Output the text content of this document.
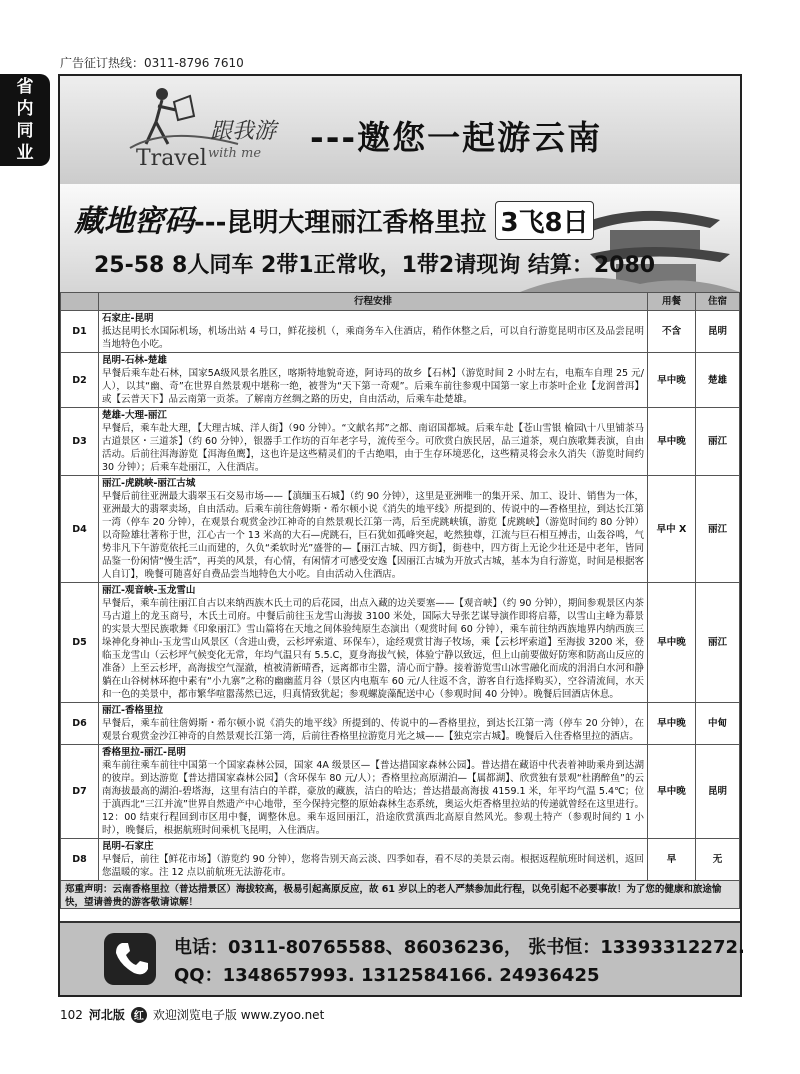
广告征订热线：0311-8796 7610
省
内
同
业
跟我游
Travel with me ---邀您一起游云南
藏地密码---昆明大理丽江香格里拉 3飞8日
25-58 8人同车 2带1正常收，1带2请现询 结算：2080
	行程安排	用餐	住宿
D1	石家庄-昆明
抵达昆明长水国际机场，机场出站 4 号口，鲜花接机（，乘商务车入住酒店，稍作休整之后，可以自行游览昆明市区及品尝昆明当地特色小吃。	不含	昆明
D2	昆明-石林-楚雄
早餐后乘车赴石林，国家5A级风景名胜区，喀斯特地貌奇迹，阿诗玛的故乡【石林】（游览时间 2 小时左右，电瓶车自理 25 元/人），以其“幽、奇”在世界自然景观中堪称一绝，被誉为“天下第一奇观”。后乘车前往参观中国第一家上市茶叶企业【龙润普洱】或【云普天下】品云南第一贡茶。了解南方丝绸之路的历史，自由活动，后乘车赴楚雄。	早中晚	楚雄
D3	楚雄-大理-丽江
早餐后，乘车赴大理，【大理古城、洋人街】（90 分钟）。“文献名邦”之都、南诏国都城。后乘车赴【苍山雪银 榆园\十八里铺茶马古道景区・三道茶】（约 60 分钟），银器手工作坊的百年老字号，流传至今。可欣赏白族民居，品三道茶，观白族歌舞表演，自由活动。后前往洱海游览【洱海鱼鹰】，这也许是这些精灵们的千古绝唱，由于生存环境恶化，这些精灵将会永久消失（游览时间约 30 分钟）；后乘车赴丽江，入住酒店。	早中晚	丽江
D4	丽江-虎跳峡-丽江古城
早餐后前往亚洲最大翡翠玉石交易市场——【滇缅玉石城】（约 90 分钟），这里是亚洲唯一的集开采、加工、设计、销售为一体，亚洲最大的翡翠卖场，自由活动。后乘车前往詹姆斯・希尔顿小说《消失的地平线》所提到的、传说中的—香格里拉，到达长江第一湾（停车 20 分钟），在观景台观赏金沙江神奇的自然景观长江第一湾，后至虎跳峡镇，游览【虎跳峡】（游览时间约 80 分钟）以奇险雄壮著称于世，江心古一个 13 米高的大石—虎跳石，巨石犹如孤峰突起，屹然独尊，江流与巨石相互搏击，山轰谷鸣，气势非凡下午游览依托三山而建的，久负“柔软时光”盛誉的—【丽江古城、四方街】，街巷中，四方街上无论少壮还是中老年，皆同品鉴一份闲情“慢生活”，再美的风景，有心情，有闲情才可感受安逸【因丽江古城为开放式古城，基本为自行游览，时间是根据客人自订】，晚餐可随喜好自费品尝当地特色大小吃。自由活动入住酒店。	早中 X	丽江
D5	丽江-观音峡-玉龙雪山
早餐后，乘车前往丽江自古以来纳西族木氏土司的后花园，出点入藏的边关要塞——【观音峡】（约 90 分钟），期间参观景区内茶马古道上的龙玉商号，木氏土司府。中餐后前往玉龙雪山海拔 3100 米处，国际大导张艺谋导演作即将启幕，以雪山主峰为幕景的实景大型民族歌舞《印象丽江》雪山篇将在天地之间体验纯原生态演出（观赏时间 60 分钟），乘车前往纳西族地界内纳西族三垛神化身神山-玉龙雪山风景区（含进山费，云杉坪索道、环保车），途经观赏甘海子牧场，乘【云杉坪索道】至海拔 3200 米，登临玉龙雪山（云杉坪气候变化无常，年均气温只有 5.5.C，夏身海拔气候，体验宁静以致远，但上山前要做好防寒和防高山反应的准备）上至云杉坪，高海拔空气湿澈，植被清新晴香，远离都市尘嚣，清心而宁静。接着游览雪山冰雪融化而成的涓涓白水河和静躺在山谷树林环抱中素有“小九寨”之称的幽幽蓝月谷（景区内电瓶车 60 元/人往返不含，游客自行选择购买），空谷清流间，水天和一色的美景中，都市繁华喧嚣荡然已远，归真情致犹起；参观螺旋藻配送中心（参观时间 40 分钟）。晚餐后回酒店休息。	早中晚	丽江
D6	丽江-香格里拉
早餐后，乘车前往詹姆斯・希尔顿小说《消失的地平线》所提到的、传说中的—香格里拉，到达长江第一湾（停车 20 分钟），在观景台观赏金沙江神奇的自然景观长江第一湾，后前往香格里拉游览月光之城——【独克宗古城】。晚餐后入住香格里拉的酒店。	早中晚	中甸
D7	香格里拉-丽江-昆明
乘车前往乘车前往中国第一个国家森林公园，国家 4A 级景区—【普达措国家森林公园】。普达措在藏语中代表着神助乘舟到达湖的彼岸。到达游览【普达措国家森林公园】（含环保车 80 元/人）；香格里拉高原湖泊—【属都湖】、欣赏独有景观“杜鹃醉鱼”的云南海拔最高的湖泊-碧塔海，这里有洁白的羊群，豪放的藏族，洁白的哈达；普达措最高海拔 4159.1 米，年平均气温 5.4℃；位于滇西北“三江并流”世界自然遗产中心地带，至今保持完整的原始森林生态系统，奥运火炬香格里拉站的传递就曾经在这里进行。12：00 结束行程回到市区用中餐，调整休息。乘车返回丽江，沿途欣赏滇西北高原自然风光。参观土特产（参观时间约 1 小时），晚餐后，根据航班时间乘机飞昆明，入住酒店。	早中晚	昆明
D8	昆明-石家庄
早餐后，前往【鲜花市场】（游览约 90 分钟），您将告别天高云淡、四季如春，看不尽的美景云南。根据返程航班时间送机，返回您温暖的家。注 12 点以前航班无法游花市。	早	无
郑重声明：云南香格里拉（普达措景区）海拔较高，极易引起高原反应，故 61 岁以上的老人严禁参加此行程，以免引起不必要事故！为了您的健康和旅途愉快，望请善贵的游客敬请谅解！
电话：0311-80765588、86036236， 张书恒：13393312272.
QQ：1348657993. 1312584166. 24936425
102 河北版 红 欢迎浏览电子版 www.zyoo.net
